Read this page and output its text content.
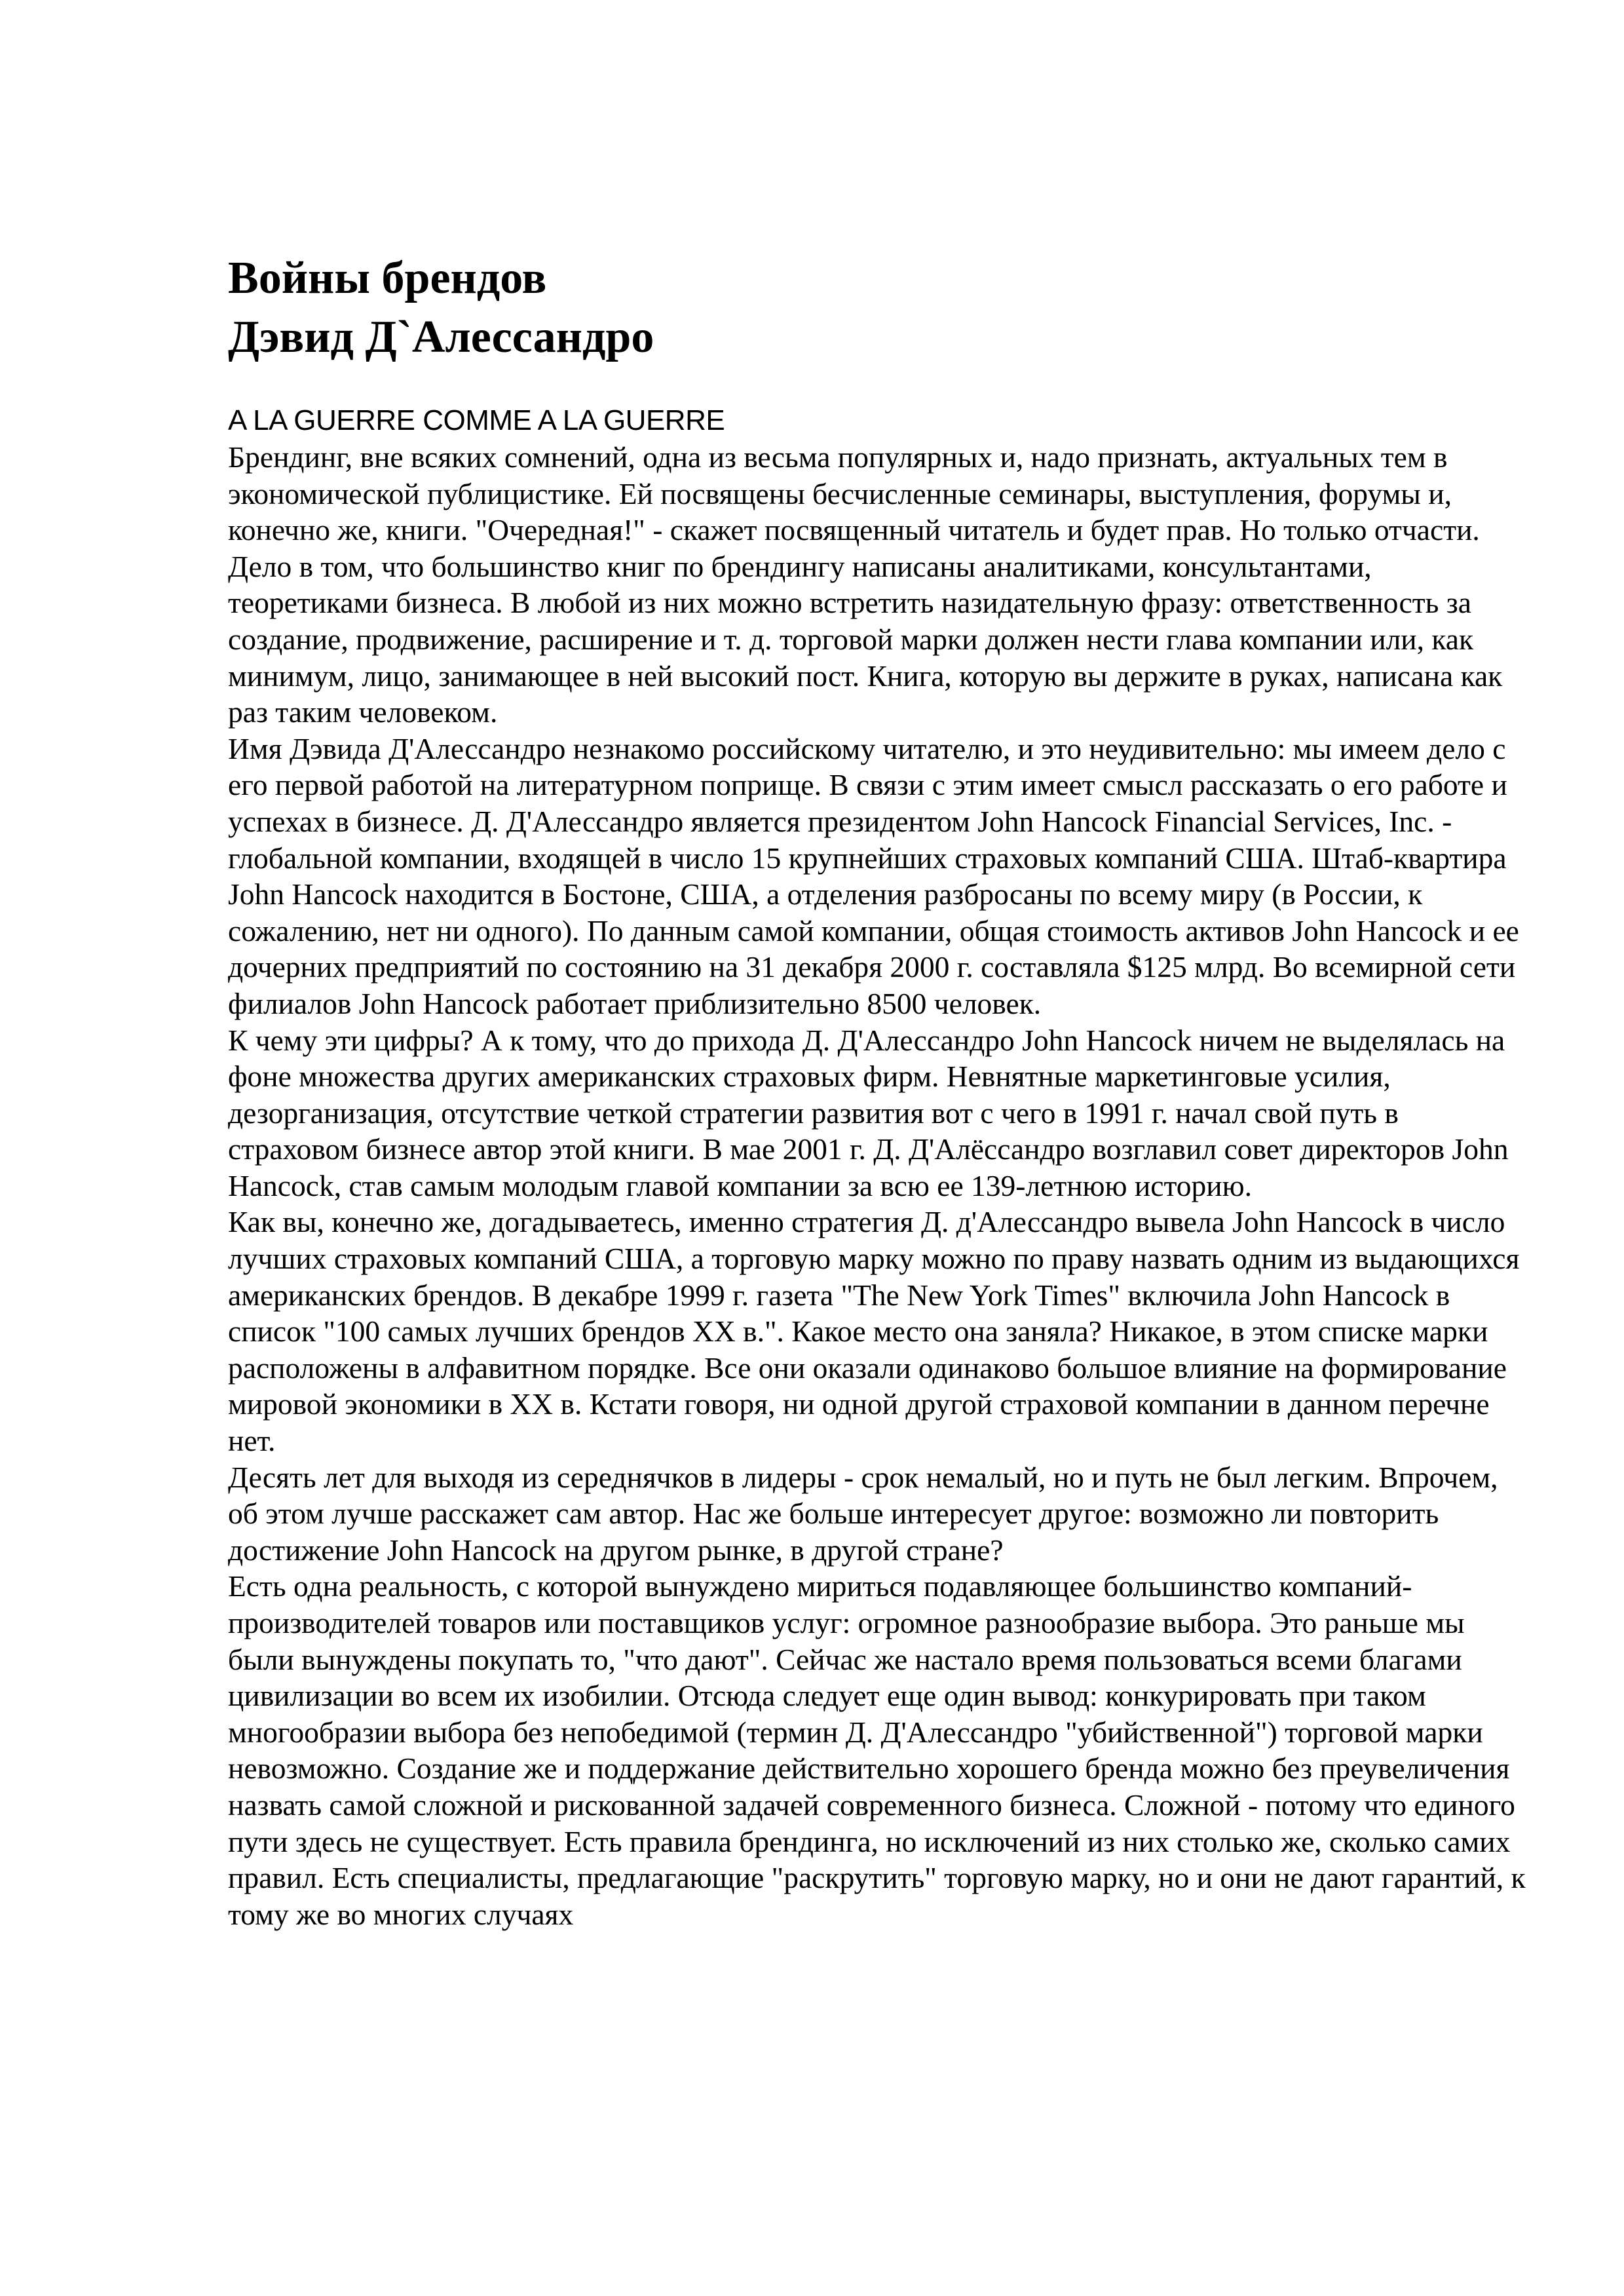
Войны брендов
Дэвид Д`Алессандро
A LA GUERRE COMME A LA GUERRE

Брендинг, вне всяких сомнений, одна из весьма популярных и, надо признать, актуальных тем в экономической публицистике. Ей посвящены бесчисленные семинары, выступления, форумы и, конечно же, книги. "Очередная!" - скажет посвященный читатель и будет прав. Но только отчасти.

Дело в том, что большинство книг по брендингу написаны аналитиками, консультантами, теоретиками бизнеса. В любой из них можно встретить назидательную фразу: ответственность за создание, продвижение, расширение и т. д. торговой марки должен нести глава компании или, как минимум, лицо, занимающее в ней высокий пост. Книга, которую вы держите в руках, написана как раз таким человеком.

Имя Дэвида Д'Алессандро незнакомо российскому читателю, и это неудивительно: мы имеем дело с его первой работой на литературном поприще. В связи с этим имеет смысл рассказать о его работе и успехах в бизнесе. Д. Д'Алессандро является президентом John Hancock Financial Services, Inc. - глобальной компании, входящей в число 15 крупнейших страховых компаний США. Штаб-квартира John Hancock находится в Бостоне, США, а отделения разбросаны по всему миру (в России, к сожалению, нет ни одного). По данным самой компании, общая стоимость активов John Hancock и ее дочерних предприятий по состоянию на 31 декабря 2000 г. составляла $125 млрд. Во всемирной сети филиалов John Hancock работает приблизительно 8500 человек.

К чему эти цифры? А к тому, что до прихода Д. Д'Алессандро John Hancock ничем не выделялась на фоне множества других американских страховых фирм. Невнятные маркетинговые усилия, дезорганизация, отсутствие четкой стратегии развития вот с чего в 1991 г. начал свой путь в страховом бизнесе автор этой книги. В мае 2001 г. Д. Д'Алёссандро возглавил совет директоров John Hancock, став самым молодым главой компании за всю ее 139-летнюю историю.

Как вы, конечно же, догадываетесь, именно стратегия Д. д'Алессандро вывела John Hancock в число лучших страховых компаний США, а торговую марку можно по праву назвать одним из выдающихся американских брендов. В декабре 1999 г. газета "The New York Times" включила John Hancock в список "100 самых лучших брендов XX в.". Какое место она заняла? Никакое, в этом списке марки расположены в алфавитном порядке. Все они оказали одинаково большое влияние на формирование мировой экономики в XX в. Кстати говоря, ни одной другой страховой компании в данном перечне нет.

Десять лет для выходя из середнячков в лидеры - срок немалый, но и путь не был легким. Впрочем, об этом лучше расскажет сам автор. Нас же больше интересует другое: возможно ли повторить достижение John Hancock на другом рынке, в другой стране?

Есть одна реальность, с которой вынуждено мириться подавляющее большинство компаний-производителей товаров или поставщиков услуг: огромное разнообразие выбора. Это раньше мы были вынуждены покупать то, "что дают". Сейчас же настало время пользоваться всеми благами цивилизации во всем их изобилии. Отсюда следует еще один вывод: конкурировать при таком многообразии выбора без непобедимой (термин Д. Д'Алессандро "убийственной") торговой марки невозможно. Создание же и поддержание действительно хорошего бренда можно без преувеличения назвать самой сложной и рискованной задачей современного бизнеса. Сложной - потому что единого пути здесь не существует. Есть правила брендинга, но исключений из них столько же, сколько самих правил. Есть специалисты, предлагающие "раскрутить" торговую марку, но и они не дают гарантий, к тому же во многих случаях
